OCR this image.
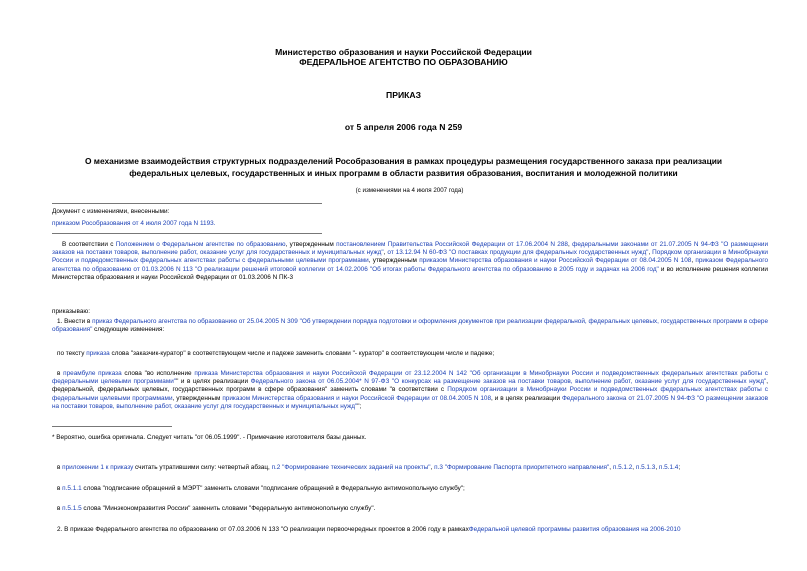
Министерство образования и науки Российской Федерации
ФЕДЕРАЛЬНОЕ АГЕНТСТВО ПО ОБРАЗОВАНИЮ
ПРИКАЗ
от 5 апреля 2006 года N 259
О механизме взаимодействия структурных подразделений Рособразования в рамках процедуры размещения государственного заказа при реализации
федеральных целевых, государственных и иных программ в области развития образования, воспитания и молодежной политики
(с изменениями на 4 июля 2007 года)
Документ с изменениями, внесенными:
приказом Рособразования от 4 июля 2007 года N 1193.
В соответствии с Положением о Федеральном агентстве по образованию, утвержденным постановлением Правительства Российской Федерации от 17.06.2004 N 288, федеральными законами от 21.07.2005 N 94-ФЗ "О размещении заказов на поставки товаров, выполнение работ, оказание услуг для государственных и муниципальных нужд", от 13.12.94 N 60-ФЗ "О поставках продукции для федеральных государственных нужд", Порядком организации в Минобрнауки России и подведомственных федеральных агентствах работы с федеральными целевыми программами, утвержденным приказом Министерства образования и науки Российской Федерации от 08.04.2005 N 108, приказом Федерального агентства по образованию от 01.03.2006 N 113 "О реализации решений итоговой коллегии от 14.02.2006 "Об итогах работы Федерального агентства по образованию в 2005 году и задачах на 2006 год" и во исполнение решения коллегии Министерства образования и науки Российской Федерации от 01.03.2006 N ПК-3
приказываю:
1. Внести в приказ Федерального агентства по образованию от 25.04.2005 N 309 "Об утверждении порядка подготовки и оформления документов при реализации федеральной, федеральных целевых, государственных программ в сфере образования" следующие изменения:
по тексту приказа слова "заказчик-куратор" в соответствующем числе и падеже заменить словами "- куратор" в соответствующем числе и падеже;
в преамбуле приказа слова "во исполнение приказа Министерства образования и науки Российской Федерации от 23.12.2004 N 142 "Об организации в Минобрнауки России и подведомственных федеральных агентствах работы с федеральными целевыми программами"" и в целях реализации Федерального закона от 06.05.2004* N 97-ФЗ "О конкурсах на размещение заказов на поставки товаров, выполнение работ, оказание услуг для государственных нужд", федеральной, федеральных целевых, государственных программ в сфере образования" заменить словами "в соответствии с Порядком организации в Минобрнауки России и подведомственных федеральных агентствах работы с федеральными целевыми программами, утвержденным приказом Министерства образования и науки Российской Федерации от 08.04.2005 N 108, и в целях реализации Федерального закона от 21.07.2005 N 94-ФЗ "О размещении заказов на поставки товаров, выполнение работ, оказание услуг для государственных и муниципальных нужд"";
* Вероятно, ошибка оригинала. Следует читать "от 06.05.1999". - Примечание изготовителя базы данных.
в приложении 1 к приказу считать утратившими силу: четвертый абзац, п.2 "Формирование технических заданий на проекты", п.3 "Формирование Паспорта приоритетного направления", п.5.1.2, п.5.1.3, п.5.1.4;
в п.5.1.1 слова "подписание обращений в МЭРТ" заменить словами "подписание обращений в Федеральную антимонопольную службу";
в п.5.1.5 слова "Минэкономразвития России" заменить словами "Федеральную антимонопольную службу".
2. В приказе Федерального агентства по образованию от 07.03.2006 N 133 "О реализации первоочередных проектов в 2006 году в рамкахФедеральной целевой программы развития образования на 2006-2010
